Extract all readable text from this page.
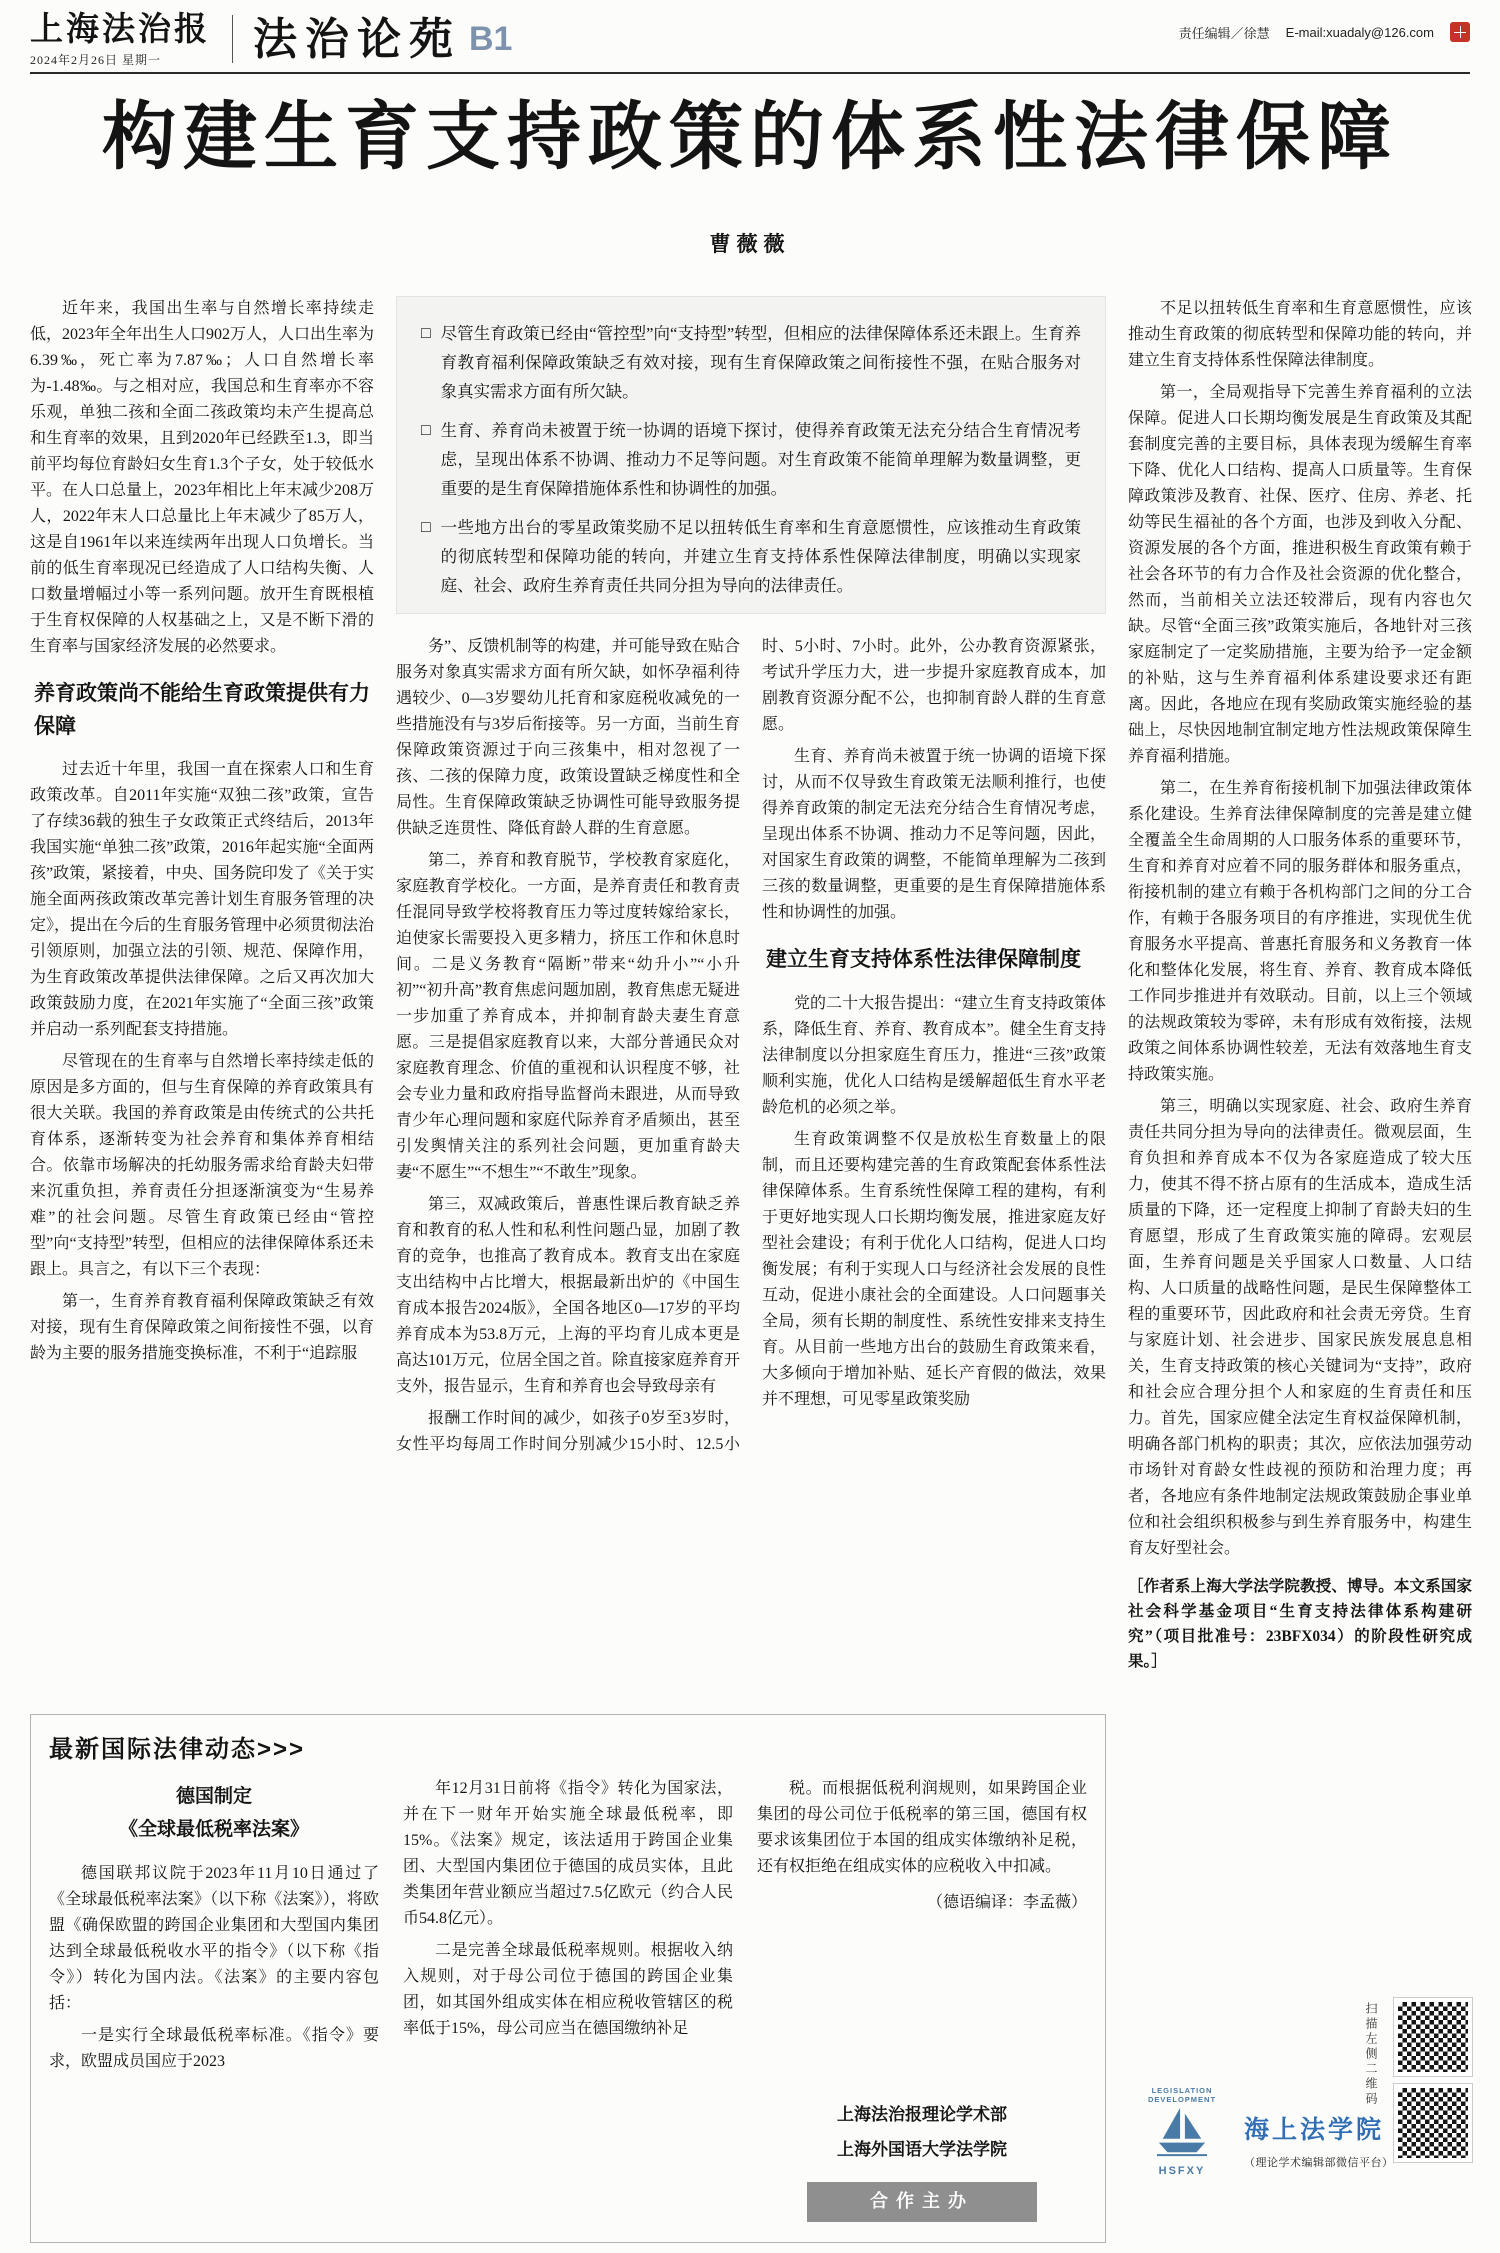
上海法治报
2024年2月26日 星期一	法治论苑 B1	责任编辑／徐慧 E-mail:xuadaly@126.com
构建生育支持政策的体系性法律保障
曹薇薇

近年来，我国出生率与自然增长率持续走低，2023年全年出生人口902万人，人口出生率为6.39‰，死亡率为7.87‰；人口自然增长率为-1.48‰。与之相对应，我国总和生育率亦不容乐观，单独二孩和全面二孩政策均未产生提高总和生育率的效果，且到2020年已经跌至1.3，即当前平均每位育龄妇女生育1.3个子女，处于较低水平。在人口总量上，2023年相比上年末减少208万人，2022年末人口总量比上年末减少了85万人，这是自1961年以来连续两年出现人口负增长。当前的低生育率现况已经造成了人口结构失衡、人口数量增幅过小等一系列问题。放开生育既根植于生育权保障的人权基础之上，又是不断下滑的生育率与国家经济发展的必然要求。

养育政策尚不能给生育政策提供有力保障

过去近十年里，我国一直在探索人口和生育政策改革。自2011年实施“双独二孩”政策，宣告了存续36载的独生子女政策正式终结后，2013年我国实施“单独二孩”政策，2016年起实施“全面两孩”政策，紧接着，中央、国务院印发了《关于实施全面两孩政策改革完善计划生育服务管理的决定》，提出在今后的生育服务管理中必须贯彻法治引领原则，加强立法的引领、规范、保障作用，为生育政策改革提供法律保障。之后又再次加大政策鼓励力度，在2021年实施了“全面三孩”政策并启动一系列配套支持措施。

尽管现在的生育率与自然增长率持续走低的原因是多方面的，但与生育保障的养育政策具有很大关联。我国的养育政策是由传统式的公共托育体系，逐渐转变为社会养育和集体养育相结合。依靠市场解决的托幼服务需求给育龄夫妇带来沉重负担，养育责任分担逐渐演变为“生易养难”的社会问题。尽管生育政策已经由“管控型”向“支持型”转型，但相应的法律保障体系还未跟上。具言之，有以下三个表现：

第一，生育养育教育福利保障政策缺乏有效对接，现有生育保障政策之间衔接性不强，以育龄为主要的服务措施变换标准，不利于“追踪服

□ 尽管生育政策已经由“管控型”向“支持型”转型，但相应的法律保障体系还未跟上。生育养育教育福利保障政策缺乏有效对接，现有生育保障政策之间衔接性不强，在贴合服务对象真实需求方面有所欠缺。
□ 生育、养育尚未被置于统一协调的语境下探讨，使得养育政策无法充分结合生育情况考虑，呈现出体系不协调、推动力不足等问题。对生育政策不能简单理解为数量调整，更重要的是生育保障措施体系性和协调性的加强。
□ 一些地方出台的零星政策奖励不足以扭转低生育率和生育意愿惯性，应该推动生育政策的彻底转型和保障功能的转向，并建立生育支持体系性保障法律制度，明确以实现家庭、社会、政府生养育责任共同分担为导向的法律责任。

务”、反馈机制等的构建，并可能导致在贴合服务对象真实需求方面有所欠缺，如怀孕福利待遇较少、0—3岁婴幼儿托育和家庭税收减免的一些措施没有与3岁后衔接等。另一方面，当前生育保障政策资源过于向三孩集中，相对忽视了一孩、二孩的保障力度，政策设置缺乏梯度性和全局性。生育保障政策缺乏协调性可能导致服务提供缺乏连贯性、降低育龄人群的生育意愿。

第二，养育和教育脱节，学校教育家庭化，家庭教育学校化。一方面，是养育责任和教育责任混同导致学校将教育压力等过度转嫁给家长，迫使家长需要投入更多精力，挤压工作和休息时间。二是义务教育“隔断”带来“幼升小”“小升初”“初升高”教育焦虑问题加剧，教育焦虑无疑进一步加重了养育成本，并抑制育龄夫妻生育意愿。三是提倡家庭教育以来，大部分普通民众对家庭教育理念、价值的重视和认识程度不够，社会专业力量和政府指导监督尚未跟进，从而导致青少年心理问题和家庭代际养育矛盾频出，甚至引发舆情关注的系列社会问题，更加重育龄夫妻“不愿生”“不想生”“不敢生”现象。

第三，双减政策后，普惠性课后教育缺乏养育和教育的私人性和私利性问题凸显，加剧了教育的竞争，也推高了教育成本。教育支出在家庭支出结构中占比增大，根据最新出炉的《中国生育成本报告2024版》，全国各地区0—17岁的平均养育成本为53.8万元，上海的平均育儿成本更是高达101万元，位居全国之首。除直接家庭养育开支外，报告显示，生育和养育也会导致母亲有

报酬工作时间的减少，如孩子0岁至3岁时，女性平均每周工作时间分别减少15小时、12.5小时、5小时、7小时。此外，公办教育资源紧张，考试升学压力大，进一步提升家庭教育成本，加剧教育资源分配不公，也抑制育龄人群的生育意愿。

生育、养育尚未被置于统一协调的语境下探讨，从而不仅导致生育政策无法顺利推行，也使得养育政策的制定无法充分结合生育情况考虑，呈现出体系不协调、推动力不足等问题，因此，对国家生育政策的调整，不能简单理解为二孩到三孩的数量调整，更重要的是生育保障措施体系性和协调性的加强。

建立生育支持体系性法律保障制度

党的二十大报告提出：“建立生育支持政策体系，降低生育、养育、教育成本”。健全生育支持法律制度以分担家庭生育压力，推进“三孩”政策顺利实施，优化人口结构是缓解超低生育水平老龄危机的必须之举。

生育政策调整不仅是放松生育数量上的限制，而且还要构建完善的生育政策配套体系性法律保障体系。生育系统性保障工程的建构，有利于更好地实现人口长期均衡发展，推进家庭友好型社会建设；有利于优化人口结构，促进人口均衡发展；有利于实现人口与经济社会发展的良性互动，促进小康社会的全面建设。人口问题事关全局，须有长期的制度性、系统性安排来支持生育。从目前一些地方出台的鼓励生育政策来看，大多倾向于增加补贴、延长产育假的做法，效果并不理想，可见零星政策奖励

不足以扭转低生育率和生育意愿惯性，应该推动生育政策的彻底转型和保障功能的转向，并建立生育支持体系性保障法律制度。

第一，全局观指导下完善生养育福利的立法保障。促进人口长期均衡发展是生育政策及其配套制度完善的主要目标，具体表现为缓解生育率下降、优化人口结构、提高人口质量等。生育保障政策涉及教育、社保、医疗、住房、养老、托幼等民生福祉的各个方面，也涉及到收入分配、资源发展的各个方面，推进积极生育政策有赖于社会各环节的有力合作及社会资源的优化整合，然而，当前相关立法还较滞后，现有内容也欠缺。尽管“全面三孩”政策实施后，各地针对三孩家庭制定了一定奖励措施，主要为给予一定金额的补贴，这与生养育福利体系建设要求还有距离。因此，各地应在现有奖励政策实施经验的基础上，尽快因地制宜制定地方性法规政策保障生养育福利措施。

第二，在生养育衔接机制下加强法律政策体系化建设。生养育法律保障制度的完善是建立健全覆盖全生命周期的人口服务体系的重要环节，生育和养育对应着不同的服务群体和服务重点，衔接机制的建立有赖于各机构部门之间的分工合作，有赖于各服务项目的有序推进，实现优生优育服务水平提高、普惠托育服务和义务教育一体化和整体化发展，将生育、养育、教育成本降低工作同步推进并有效联动。目前，以上三个领域的法规政策较为零碎，未有形成有效衔接，法规政策之间体系协调性较差，无法有效落地生育支持政策实施。

第三，明确以实现家庭、社会、政府生养育责任共同分担为导向的法律责任。微观层面，生育负担和养育成本不仅为各家庭造成了较大压力，使其不得不挤占原有的生活成本，造成生活质量的下降，还一定程度上抑制了育龄夫妇的生育愿望，形成了生育政策实施的障碍。宏观层面，生养育问题是关乎国家人口数量、人口结构、人口质量的战略性问题，是民生保障整体工程的重要环节，因此政府和社会责无旁贷。生育与家庭计划、社会进步、国家民族发展息息相关，生育支持政策的核心关键词为“支持”，政府和社会应合理分担个人和家庭的生育责任和压力。首先，国家应健全法定生育权益保障机制，明确各部门机构的职责；其次，应依法加强劳动市场针对育龄女性歧视的预防和治理力度；再者，各地应有条件地制定法规政策鼓励企事业单位和社会组织积极参与到生养育服务中，构建生育友好型社会。

［作者系上海大学法学院教授、博导。本文系国家社会科学基金项目“生育支持法律体系构建研究”（项目批准号：23BFX034）的阶段性研究成果。］

最新国际法律动态>>>
德国制定
《全球最低税率法案》

德国联邦议院于2023年11月10日通过了《全球最低税率法案》（以下称《法案》），将欧盟《确保欧盟的跨国企业集团和大型国内集团达到全球最低税收水平的指令》（以下称《指令》）转化为国内法。《法案》的主要内容包括：

一是实行全球最低税率标准。《指令》要求，欧盟成员国应于2023

年12月31日前将《指令》转化为国家法，并在下一财年开始实施全球最低税率，即15%。《法案》规定，该法适用于跨国企业集团、大型国内集团位于德国的成员实体，且此类集团年营业额应当超过7.5亿欧元（约合人民币54.8亿元）。

二是完善全球最低税率规则。根据收入纳入规则，对于母公司位于德国的跨国企业集团，如其国外组成实体在相应税收管辖区的税率低于15%，母公司应当在德国缴纳补足

税。而根据低税利润规则，如果跨国企业集团的母公司位于低税率的第三国，德国有权要求该集团位于本国的组成实体缴纳补足税，还有权拒绝在组成实体的应税收入中扣减。

（德语编译：李孟薇）

上海法治报理论学术部
上海外国语大学法学院
合作主办
扫描左侧二维码
LEGISLATION DEVELOPMENT
HSFXY
海上法学院
（理论学术编辑部微信平台）
